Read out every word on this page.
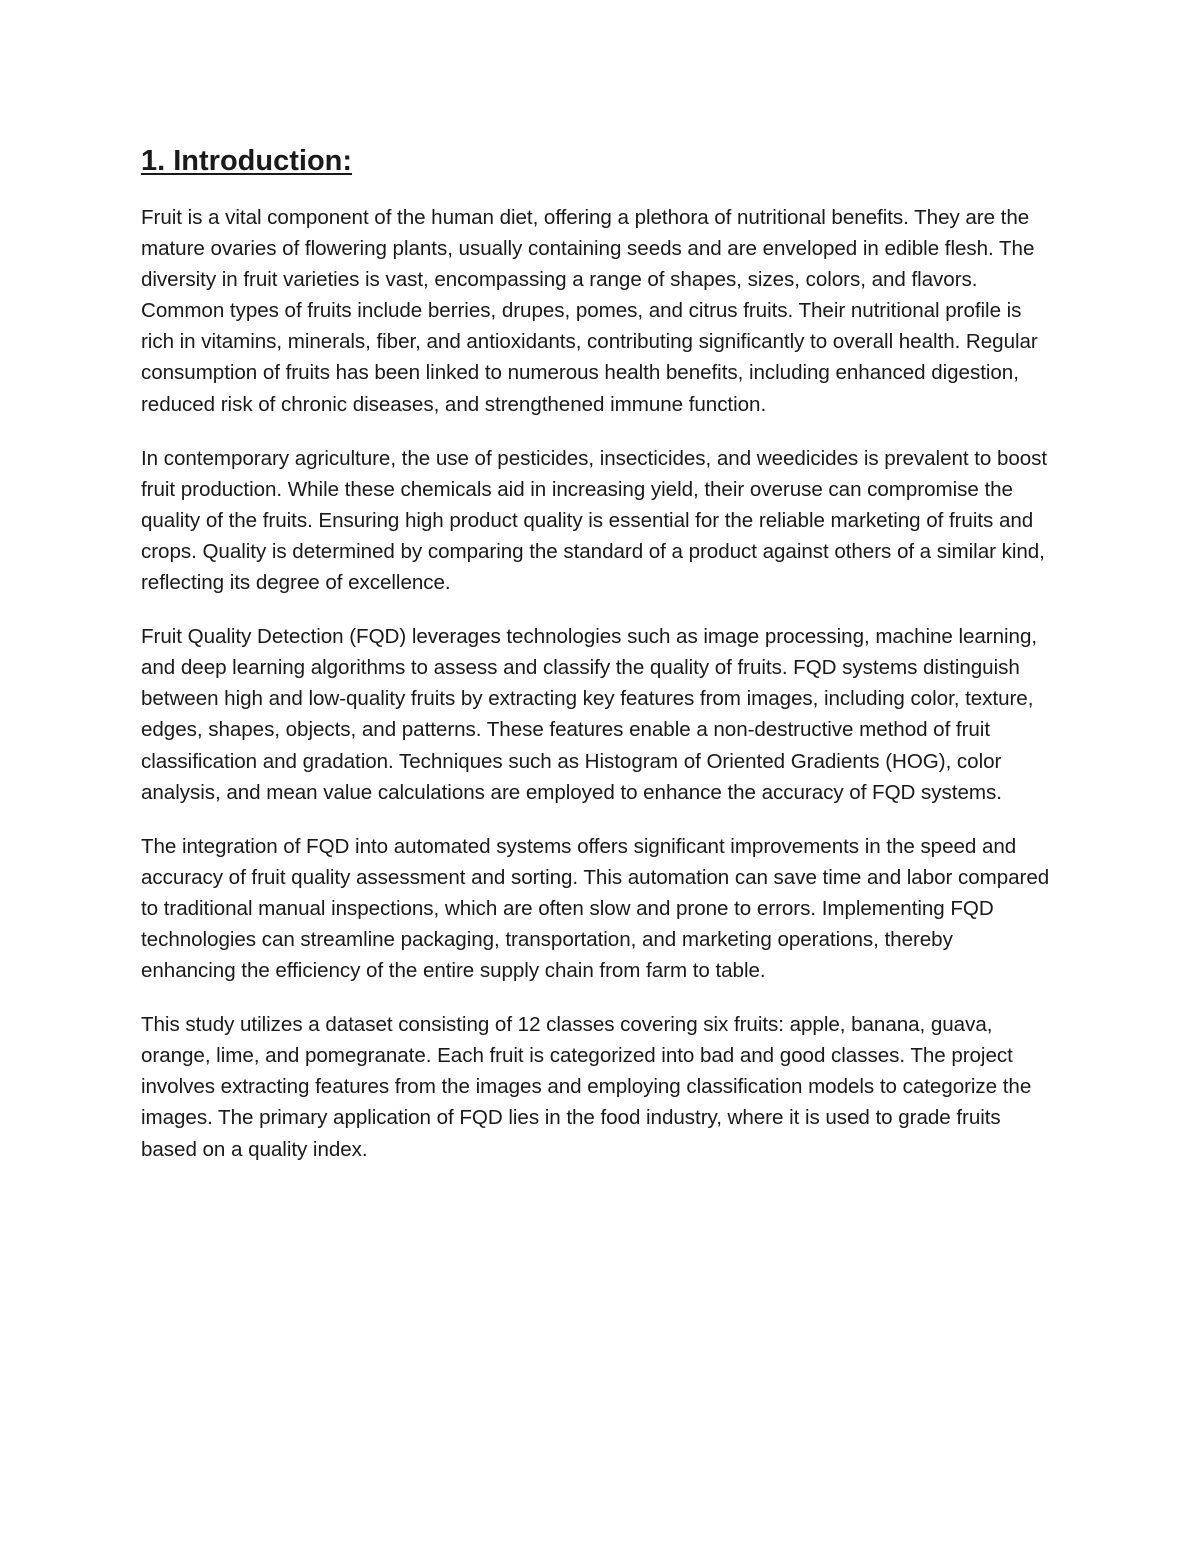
1. Introduction:

Fruit is a vital component of the human diet, offering a plethora of nutritional benefits. They are the mature ovaries of flowering plants, usually containing seeds and are enveloped in edible flesh. The diversity in fruit varieties is vast, encompassing a range of shapes, sizes, colors, and flavors. Common types of fruits include berries, drupes, pomes, and citrus fruits. Their nutritional profile is rich in vitamins, minerals, fiber, and antioxidants, contributing significantly to overall health. Regular consumption of fruits has been linked to numerous health benefits, including enhanced digestion, reduced risk of chronic diseases, and strengthened immune function.

In contemporary agriculture, the use of pesticides, insecticides, and weedicides is prevalent to boost fruit production. While these chemicals aid in increasing yield, their overuse can compromise the quality of the fruits. Ensuring high product quality is essential for the reliable marketing of fruits and crops. Quality is determined by comparing the standard of a product against others of a similar kind, reflecting its degree of excellence.

Fruit Quality Detection (FQD) leverages technologies such as image processing, machine learning, and deep learning algorithms to assess and classify the quality of fruits. FQD systems distinguish between high and low-quality fruits by extracting key features from images, including color, texture, edges, shapes, objects, and patterns. These features enable a non-destructive method of fruit classification and gradation. Techniques such as Histogram of Oriented Gradients (HOG), color analysis, and mean value calculations are employed to enhance the accuracy of FQD systems.

The integration of FQD into automated systems offers significant improvements in the speed and accuracy of fruit quality assessment and sorting. This automation can save time and labor compared to traditional manual inspections, which are often slow and prone to errors. Implementing FQD technologies can streamline packaging, transportation, and marketing operations, thereby enhancing the efficiency of the entire supply chain from farm to table.

This study utilizes a dataset consisting of 12 classes covering six fruits: apple, banana, guava, orange, lime, and pomegranate. Each fruit is categorized into bad and good classes. The project involves extracting features from the images and employing classification models to categorize the images. The primary application of FQD lies in the food industry, where it is used to grade fruits based on a quality index.
